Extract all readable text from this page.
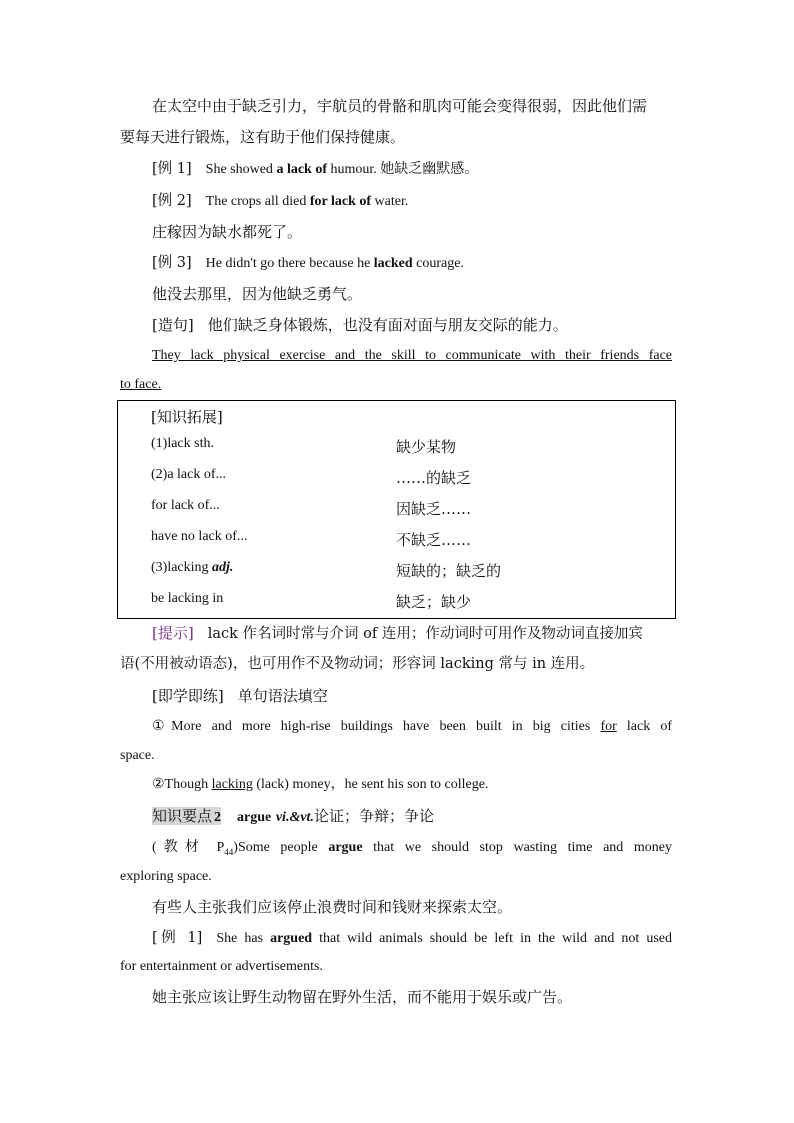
在太空中由于缺乏引力，宇航员的骨骼和肌肉可能会变得很弱，因此他们需
要每天进行锻炼，这有助于他们保持健康。
[例 1] She showed a lack of humour. 她缺乏幽默感。
[例 2] The crops all died for lack of water.
庄稼因为缺水都死了。
[例 3] He didn't go there because he lacked courage.
他没去那里，因为他缺乏勇气。
[造句] 他们缺乏身体锻炼，也没有面对面与朋友交际的能力。
They lack physical exercise and the skill to communicate with their friends face
to face.
[知识拓展]
(1)lack sth.	缺少某物
(2)a lack of...	……的缺乏
for lack of...	因缺乏……
have no lack of...	不缺乏……
(3)lacking adj.	短缺的；缺乏的
be lacking in	缺乏；缺少
[提示] lack 作名词时常与介词 of 连用；作动词时可用作及物动词直接加宾
语(不用被动语态)，也可用作不及物动词；形容词 lacking 常与 in 连用。
[即学即练] 单句语法填空
①More and more high-rise buildings have been built in big cities for lack of
space.
②Though lacking (lack) money，he sent his son to college.
知识要点 2 argue vi.&vt.论证；争辩；争论
(教材 $P_{44})Some$ people argue that we should stop wasting time and money
exploring space.
有些人主张我们应该停止浪费时间和钱财来探索太空。
[例 1] She has argued that wild animals should be left in the wild and not used
for entertainment or advertisements.
她主张应该让野生动物留在野外生活，而不能用于娱乐或广告。
